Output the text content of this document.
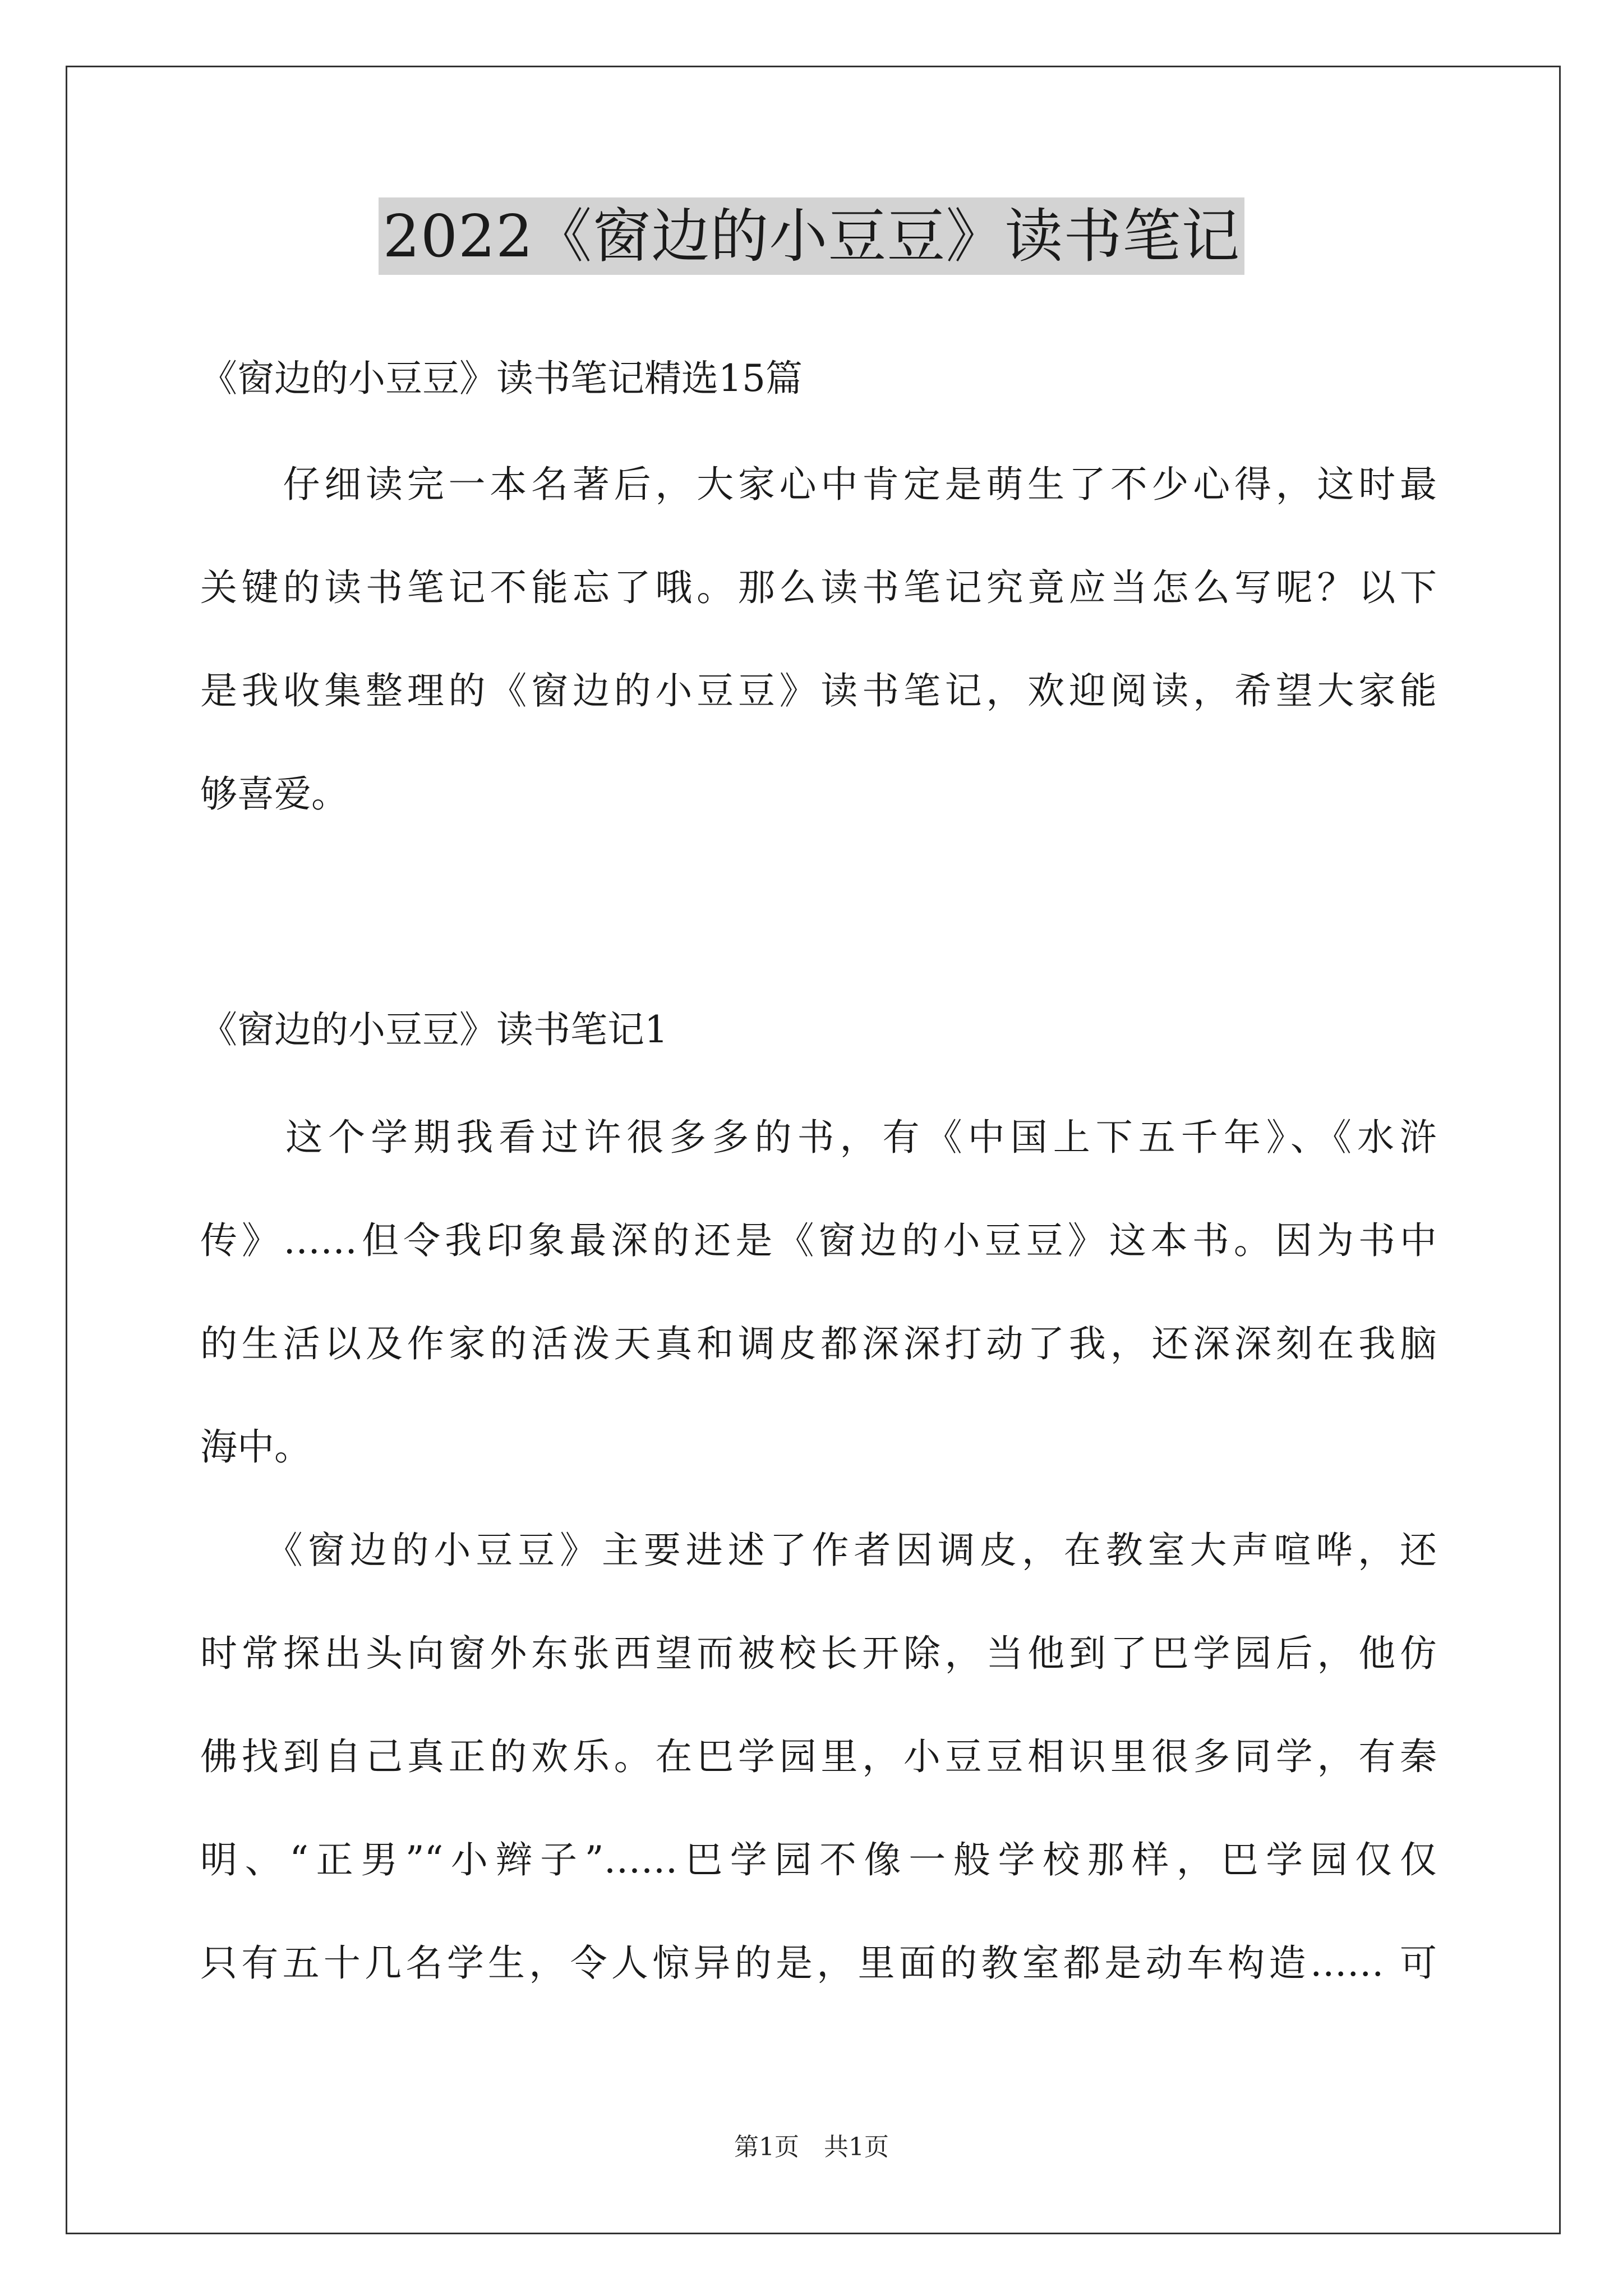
2022《窗边的小豆豆》读书笔记
《窗边的小豆豆》读书笔记精选15篇
　　仔细读完一本名著后，大家心中肯定是萌生了不少心得，这时最
关键的读书笔记不能忘了哦。那么读书笔记究竟应当怎么写呢？以下
是我收集整理的《窗边的小豆豆》读书笔记，欢迎阅读，希望大家能
够喜爱。
《窗边的小豆豆》读书笔记1
　　这个学期我看过许很多多的书，有《中国上下五千年》、《水浒
传》……但令我印象最深的还是《窗边的小豆豆》这本书。因为书中
的生活以及作家的活泼天真和调皮都深深打动了我，还深深刻在我脑
海中。
　　《窗边的小豆豆》主要进述了作者因调皮，在教室大声喧哗，还
时常探出头向窗外东张西望而被校长开除，当他到了巴学园后，他仿
佛找到自己真正的欢乐。在巴学园里，小豆豆相识里很多同学，有秦
明、“正男”“小辫子”……巴学园不像一般学校那样，巴学园仅仅
只有五十几名学生，令人惊异的是，里面的教室都是动车构造…… 可
第1页　共1页
